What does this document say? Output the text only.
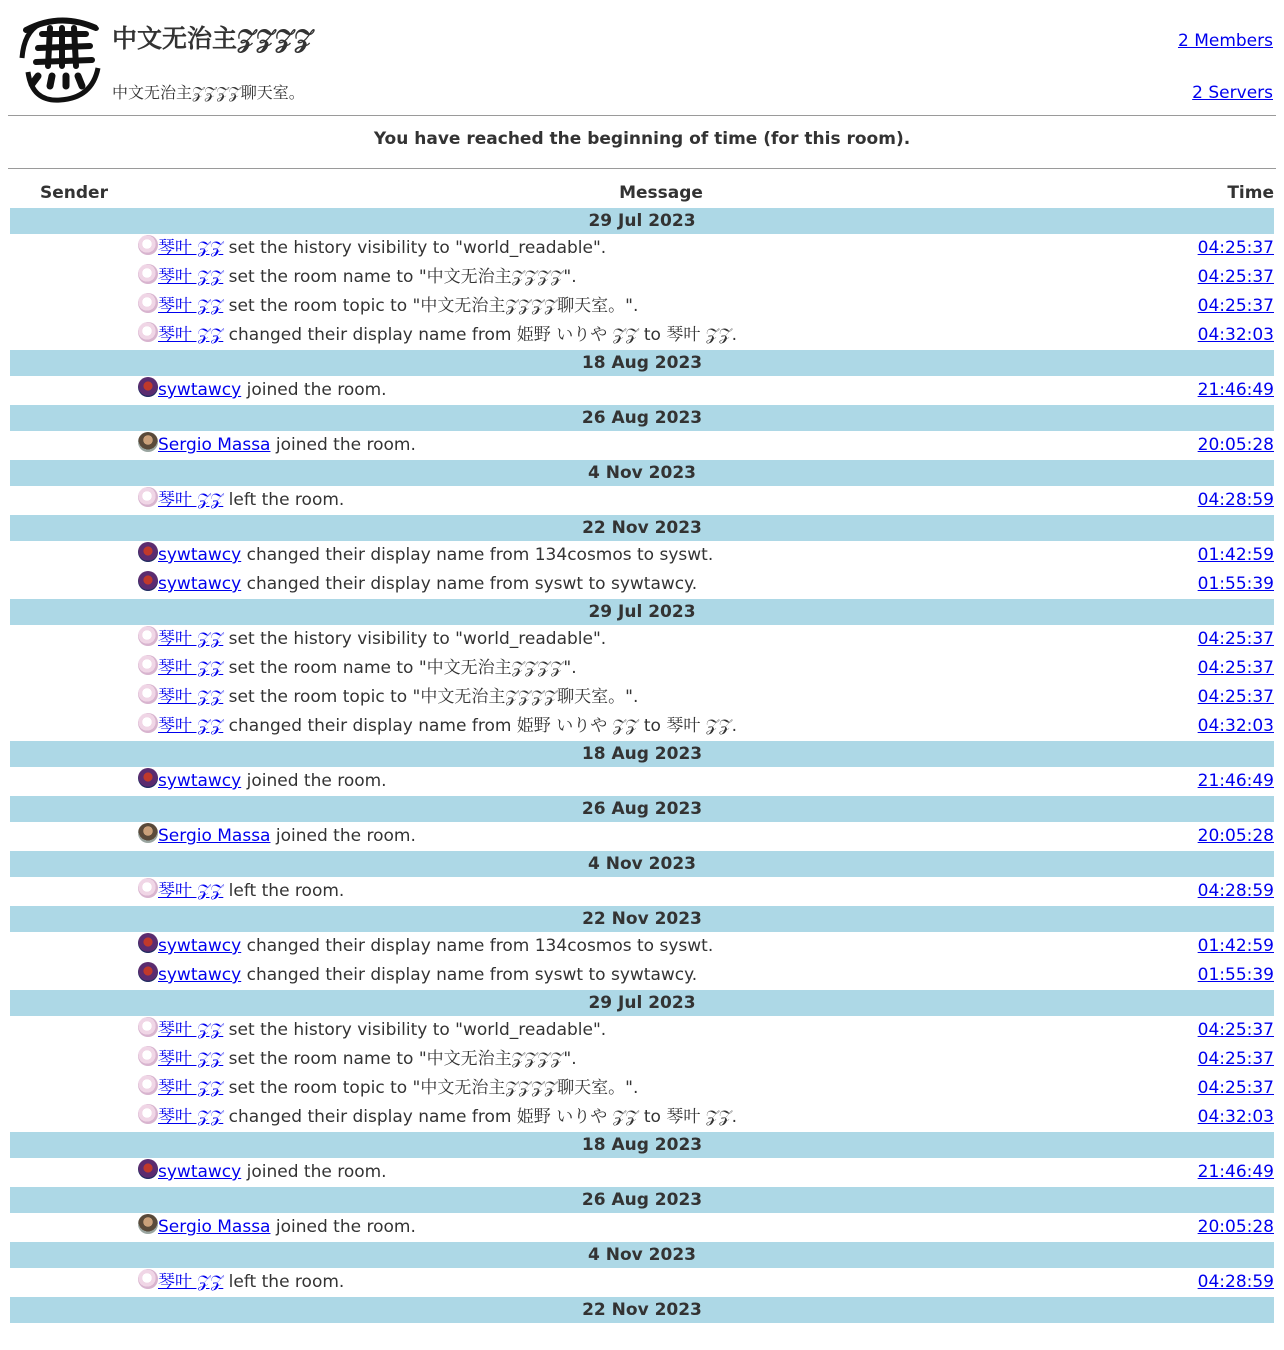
中文无治主𝒵𝒵𝒵𝒵
中文无治主𝒵𝒵𝒵𝒵聊天室。
2 Members
2 Servers
You have reached the beginning of time (for this room).
Sender	Message	Time
29 Jul 2023		
	琴叶 𝒵𝒵 set the history visibility to "world_readable".	04:25:37
	琴叶 𝒵𝒵 set the room name to "中文无治主𝒵𝒵𝒵𝒵".	04:25:37
	琴叶 𝒵𝒵 set the room topic to "中文无治主𝒵𝒵𝒵𝒵聊天室。".	04:25:37
	琴叶 𝒵𝒵 changed their display name from 姫野 いりや 𝒵𝒵 to 琴叶 𝒵𝒵.	04:32:03
18 Aug 2023		
	sywtawcy joined the room.	21:46:49
26 Aug 2023		
	Sergio Massa joined the room.	20:05:28
4 Nov 2023		
	琴叶 𝒵𝒵 left the room.	04:28:59
22 Nov 2023		
	sywtawcy changed their display name from 134cosmos to syswt.	01:42:59
	sywtawcy changed their display name from syswt to sywtawcy.	01:55:39
29 Jul 2023		
	琴叶 𝒵𝒵 set the history visibility to "world_readable".	04:25:37
	琴叶 𝒵𝒵 set the room name to "中文无治主𝒵𝒵𝒵𝒵".	04:25:37
	琴叶 𝒵𝒵 set the room topic to "中文无治主𝒵𝒵𝒵𝒵聊天室。".	04:25:37
	琴叶 𝒵𝒵 changed their display name from 姫野 いりや 𝒵𝒵 to 琴叶 𝒵𝒵.	04:32:03
18 Aug 2023		
	sywtawcy joined the room.	21:46:49
26 Aug 2023		
	Sergio Massa joined the room.	20:05:28
4 Nov 2023		
	琴叶 𝒵𝒵 left the room.	04:28:59
22 Nov 2023		
	sywtawcy changed their display name from 134cosmos to syswt.	01:42:59
	sywtawcy changed their display name from syswt to sywtawcy.	01:55:39
29 Jul 2023		
	琴叶 𝒵𝒵 set the history visibility to "world_readable".	04:25:37
	琴叶 𝒵𝒵 set the room name to "中文无治主𝒵𝒵𝒵𝒵".	04:25:37
	琴叶 𝒵𝒵 set the room topic to "中文无治主𝒵𝒵𝒵𝒵聊天室。".	04:25:37
	琴叶 𝒵𝒵 changed their display name from 姫野 いりや 𝒵𝒵 to 琴叶 𝒵𝒵.	04:32:03
18 Aug 2023		
	sywtawcy joined the room.	21:46:49
26 Aug 2023		
	Sergio Massa joined the room.	20:05:28
4 Nov 2023		
	琴叶 𝒵𝒵 left the room.	04:28:59
22 Nov 2023		
